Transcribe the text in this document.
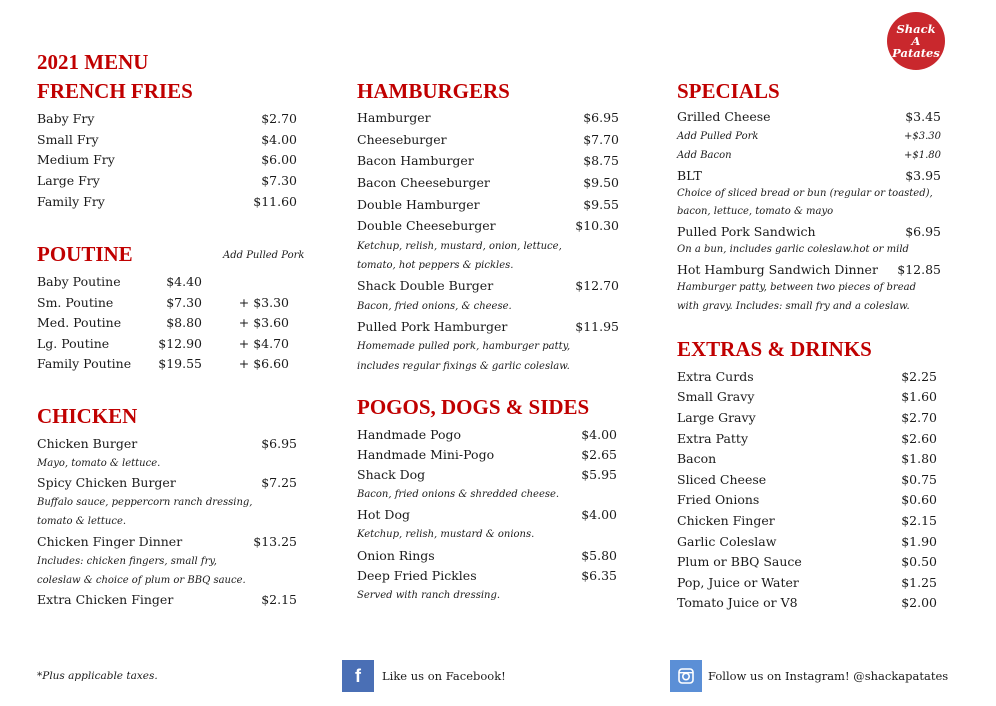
2021 MENU
Shack
A
Patates
FRENCH FRIES
Baby Fry	$2.70
Small Fry	$4.00
Medium Fry	$6.00
Large Fry	$7.30
Family Fry	$11.60
POUTINE	Add Pulled Pork
Baby Poutine	$4.40
Sm. Poutine	$7.30	+ $3.30
Med. Poutine	$8.80	+ $3.60
Lg. Poutine	$12.90	+ $4.70
Family Poutine $19.55	+ $6.60
CHICKEN
Chicken Burger	$6.95
Mayo, tomato & lettuce.
Spicy Chicken Burger	$7.25
Buffalo sauce, peppercorn ranch dressing,
tomato & lettuce.
Chicken Finger Dinner	$13.25
Includes: chicken fingers, small fry,
coleslaw & choice of plum or BBQ sauce.
Extra Chicken Finger	$2.15
HAMBURGERS
Hamburger	$6.95
Cheeseburger	$7.70
Bacon Hamburger	$8.75
Bacon Cheeseburger	$9.50
Double Hamburger	$9.55
Double Cheeseburger	$10.30
Ketchup, relish, mustard, onion, lettuce,
tomato, hot peppers & pickles.
Shack Double Burger	$12.70
Bacon, fried onions, & cheese.
Pulled Pork Hamburger	$11.95
Homemade pulled pork, hamburger patty,
includes regular fixings & garlic coleslaw.
POGOS, DOGS & SIDES
Handmade Pogo	$4.00
Handmade Mini-Pogo	$2.65
Shack Dog	$5.95
Bacon, fried onions & shredded cheese.
Hot Dog	$4.00
Ketchup, relish, mustard & onions.
Onion Rings	$5.80
Deep Fried Pickles	$6.35
Served with ranch dressing.
SPECIALS
Grilled Cheese	$3.45
Add Pulled Pork	+$3.30
Add Bacon	+$1.80
BLT	$3.95
Choice of sliced bread or bun (regular or toasted),
bacon, lettuce, tomato & mayo
Pulled Pork Sandwich	$6.95
On a bun, includes garlic coleslaw.hot or mild
Hot Hamburg Sandwich Dinner $12.85
Hamburger patty, between two pieces of bread
with gravy. Includes: small fry and a coleslaw.
EXTRAS & DRINKS
Extra Curds	$2.25
Small Gravy	$1.60
Large Gravy	$2.70
Extra Patty	$2.60
Bacon	$1.80
Sliced Cheese	$0.75
Fried Onions	$0.60
Chicken Finger	$2.15
Garlic Coleslaw	$1.90
Plum or BBQ Sauce	$0.50
Pop, Juice or Water	$1.25
Tomato Juice or V8	$2.00
*Plus applicable taxes.	f Like us on Facebook!	Follow us on Instagram! @shackapatates
